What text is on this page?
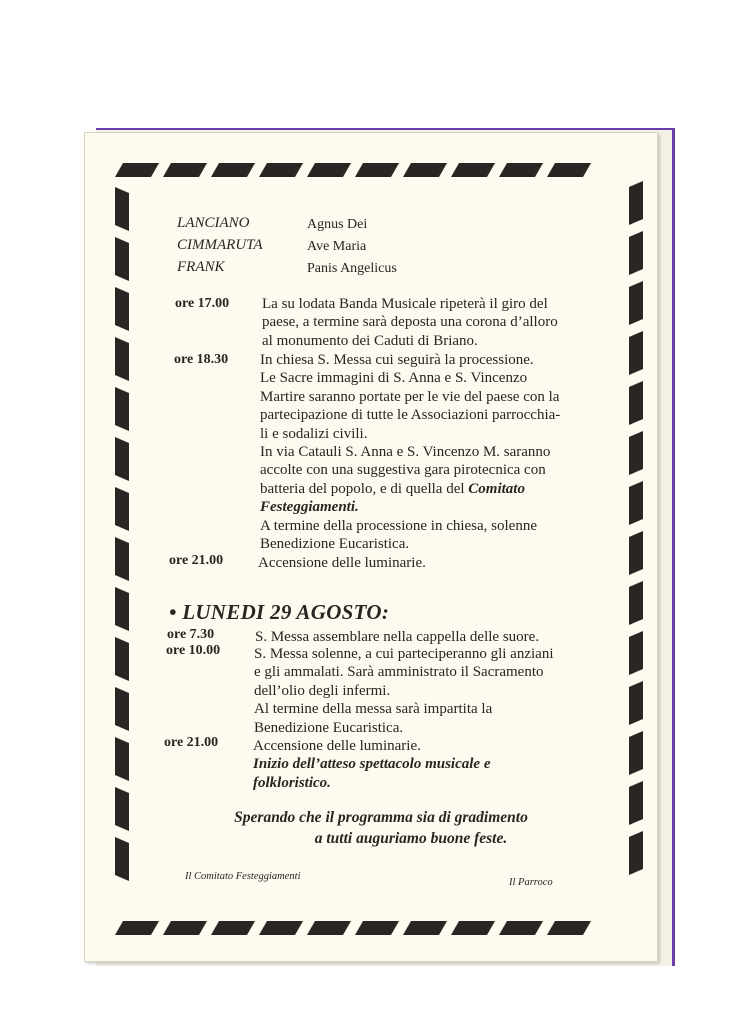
LANCIANO	Agnus Dei
CIMMARUTA	Ave Maria
FRANK	Panis Angelicus
ore 17.00 La su lodata Banda Musicale ripeterà il giro del
paese, a termine sarà deposta una corona d’alloro
al monumento dei Caduti di Briano.
ore 18.30 In chiesa S. Messa cui seguirà la processione.
Le Sacre immagini di S. Anna e S. Vincenzo
Martire saranno portate per le vie del paese con la
partecipazione di tutte le Associazioni parrocchia-
li e sodalizi civili.
In via Catauli S. Anna e S. Vincenzo M. saranno
accolte con una suggestiva gara pirotecnica con
batteria del popolo, e di quella del Comitato
Festeggiamenti.
A termine della processione in chiesa, solenne
Benedizione Eucaristica.
ore 21.00 Accensione delle luminarie.
• LUNEDI 29 AGOSTO:
ore 7.30	S. Messa assemblare nella cappella delle suore.
ore 10.00 S. Messa solenne, a cui parteciperanno gli anziani
e gli ammalati. Sarà amministrato il Sacramento
dell’olio degli infermi.
Al termine della messa sarà impartita la
Benedizione Eucaristica.
ore 21.00 Accensione delle luminarie.
Inizio dell’atteso spettacolo musicale e
folkloristico.
Sperando che il programma sia di gradimento
a tutti auguriamo buone feste.
Il Comitato Festeggiamenti
Il Parroco
